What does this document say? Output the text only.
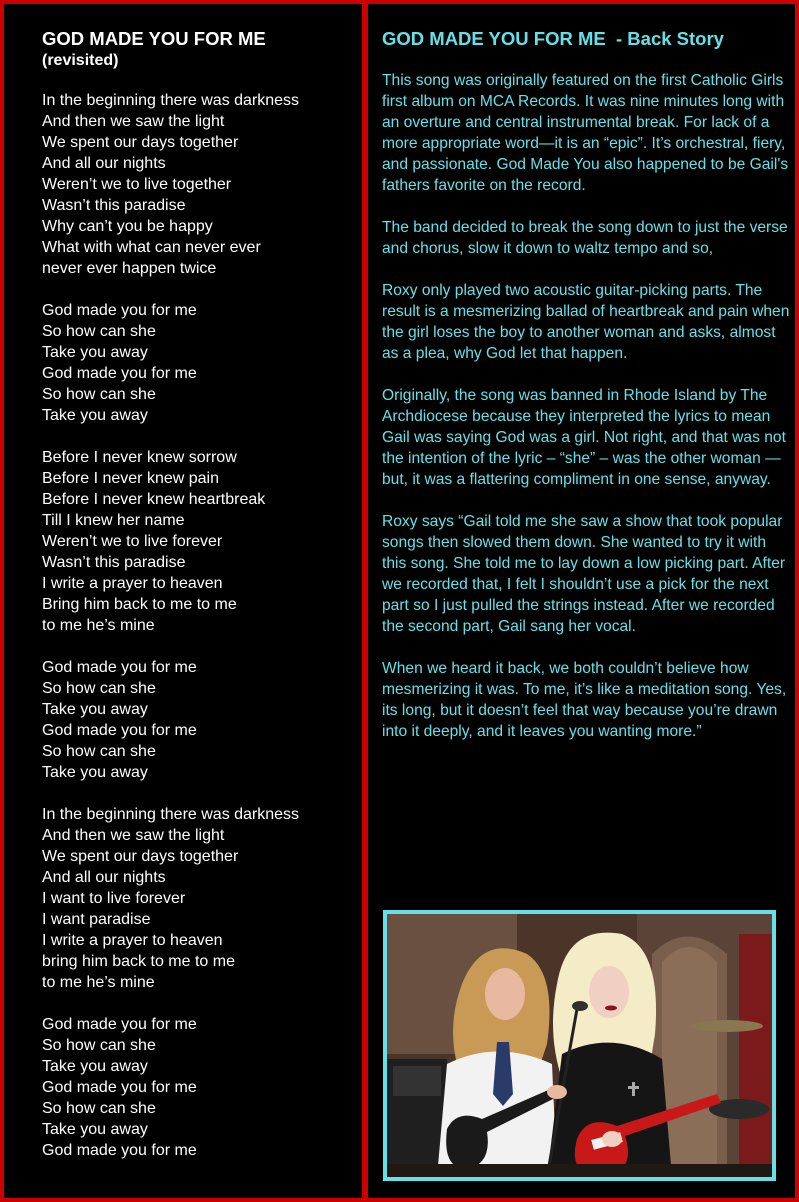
GOD MADE YOU FOR ME
(revisited)
In the beginning there was darkness
And then we saw the light
We spent our days together
And all our nights
Weren’t we to live together
Wasn’t this paradise
Why can’t you be happy
What with what can never ever
never ever happen twice
God made you for me
So how can she
Take you away
God made you for me
So how can she
Take you away
Before I never knew sorrow
Before I never knew pain
Before I never knew heartbreak
Till I knew her name
Weren’t we to live forever
Wasn’t this paradise
I write a prayer to heaven
Bring him back to me to me
to me he’s mine
God made you for me
So how can she
Take you away
God made you for me
So how can she
Take you away
In the beginning there was darkness
And then we saw the light
We spent our days together
And all our nights
I want to live forever
I want paradise
I write a prayer to heaven
bring him back to me to me
to me he’s mine
God made you for me
So how can she
Take you away
God made you for me
So how can she
Take you away
God made you for me
GOD MADE YOU FOR ME  - Back Story

This song was originally featured on the first Catholic Girls first album on MCA Records. It was nine minutes long with an overture and central instrumental break. For lack of a more appropriate word—it is an “epic”. It’s orchestral, fiery, and passionate. God Made You also happened to be Gail's fathers favorite on the record.

The band decided to break the song down to just the verse and chorus, slow it down to waltz tempo and so,

Roxy only played two acoustic guitar-picking parts. The result is a mesmerizing ballad of heartbreak and pain when the girl loses the boy to another woman and asks, almost as a plea, why God let that happen.

Originally, the song was banned in Rhode Island by The Archdiocese because they interpreted the lyrics to mean Gail was saying God was a girl. Not right, and that was not the intention of the lyric – “she” – was the other woman — but, it was a flattering compliment in one sense, anyway.

Roxy says “Gail told me she saw a show that took popular songs then slowed them down. She wanted to try it with this song. She told me to lay down a low picking part. After we recorded that, I felt I shouldn’t use a pick for the next part so I just pulled the strings instead. After we recorded the second part, Gail sang her vocal.

When we heard it back, we both couldn’t believe how mesmerizing it was. To me, it’s like a meditation song. Yes, its long, but it doesn’t feel that way because you’re drawn into it deeply, and it leaves you wanting more.”
